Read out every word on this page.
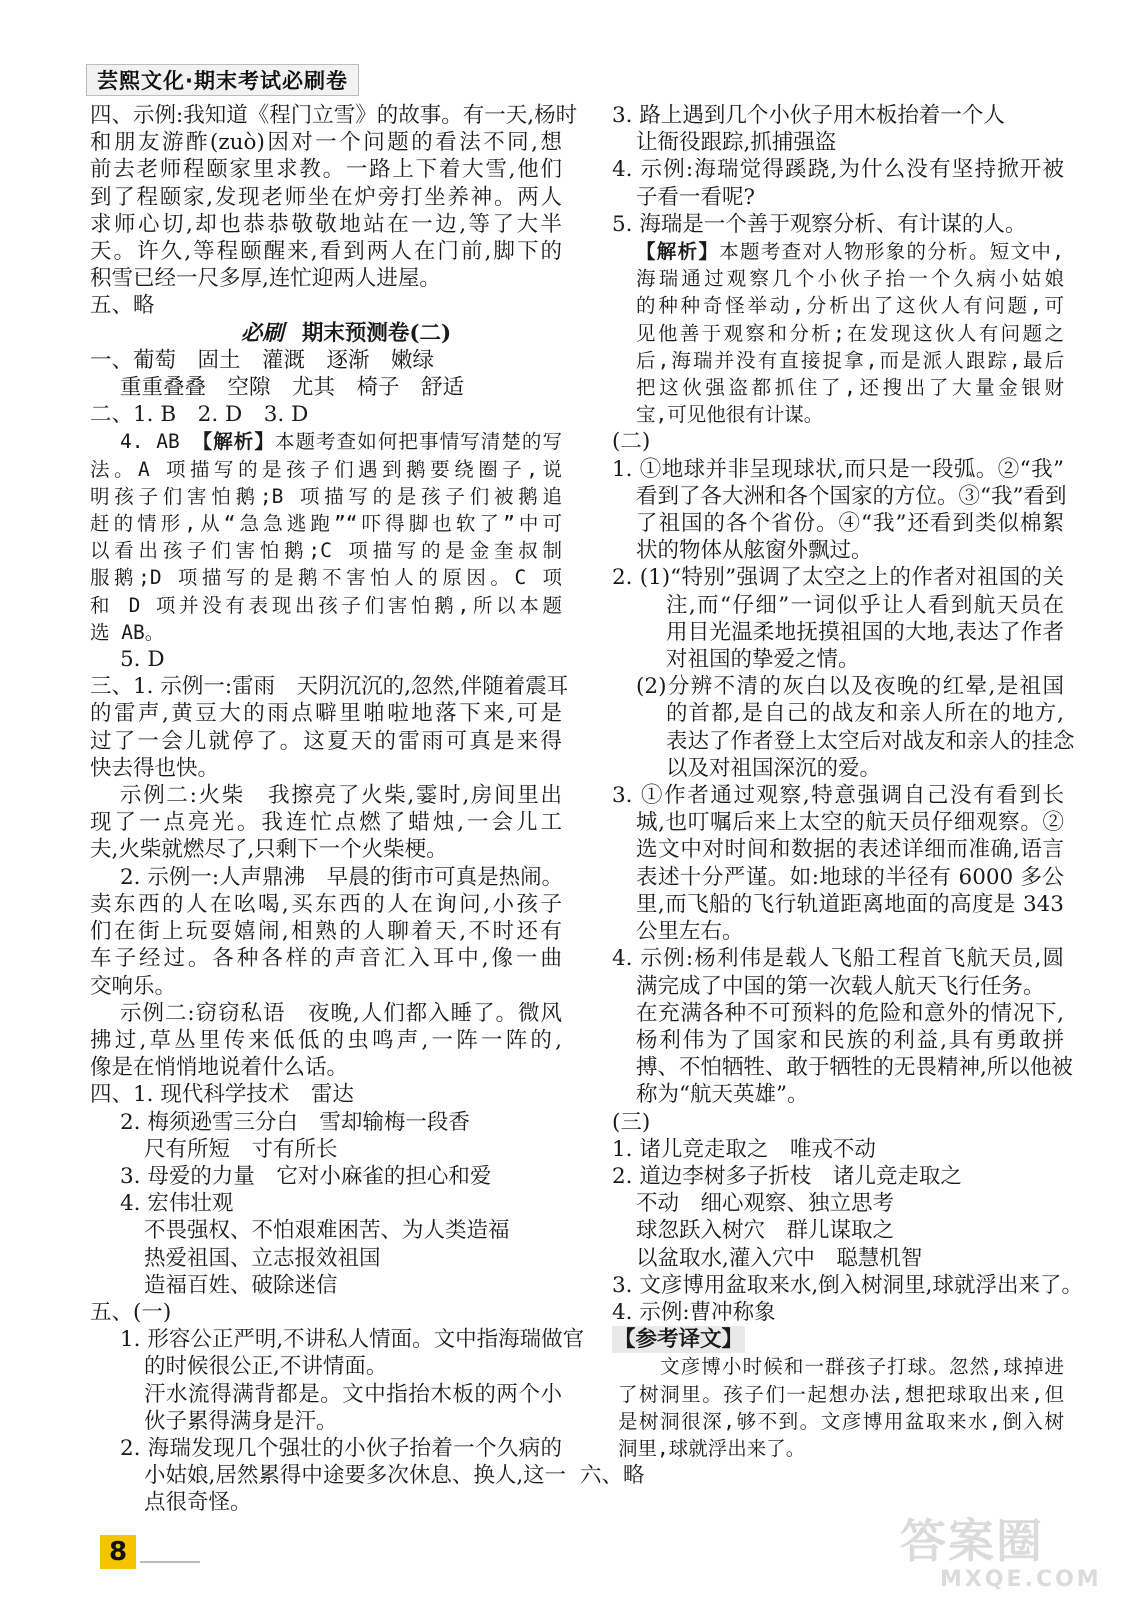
芸熙文化·期末考试必刷卷
四、示例:我知道《程门立雪》的故事。有一天,杨时
和朋友游酢(zuò)因对一个问题的看法不同,想
前去老师程颐家里求教。一路上下着大雪,他们
到了程颐家,发现老师坐在炉旁打坐养神。两人
求师心切,却也恭恭敬敬地站在一边,等了大半
天。许久,等程颐醒来,看到两人在门前,脚下的
积雪已经一尺多厚,连忙迎两人进屋。
五、略
必刷 期末预测卷(二)
一、葡萄　固土　灌溉　逐渐　嫩绿
重重叠叠　空隙　尤其　椅子　舒适
二、1. B　2. D　3. D
4. AB 【解析】本题考查如何把事情写清楚的写
法。A 项描写的是孩子们遇到鹅要绕圈子,说
明孩子们害怕鹅;B 项描写的是孩子们被鹅追
赶的情形,从“急急逃跑”“吓得脚也软了”中可
以看出孩子们害怕鹅;C 项描写的是金奎叔制
服鹅;D 项描写的是鹅不害怕人的原因。C 项
和 D 项并没有表现出孩子们害怕鹅,所以本题
选 AB。
5. D
三、1. 示例一:雷雨　天阴沉沉的,忽然,伴随着震耳
的雷声,黄豆大的雨点噼里啪啦地落下来,可是
过了一会儿就停了。这夏天的雷雨可真是来得
快去得也快。
示例二:火柴　我擦亮了火柴,霎时,房间里出
现了一点亮光。我连忙点燃了蜡烛,一会儿工
夫,火柴就燃尽了,只剩下一个火柴梗。
2. 示例一:人声鼎沸　早晨的街市可真是热闹。
卖东西的人在吆喝,买东西的人在询问,小孩子
们在街上玩耍嬉闹,相熟的人聊着天,不时还有
车子经过。各种各样的声音汇入耳中,像一曲
交响乐。
示例二:窃窃私语　夜晚,人们都入睡了。微风
拂过,草丛里传来低低的虫鸣声,一阵一阵的,
像是在悄悄地说着什么话。
四、1. 现代科学技术　雷达
2. 梅须逊雪三分白　雪却输梅一段香
尺有所短　寸有所长
3. 母爱的力量　它对小麻雀的担心和爱
4. 宏伟壮观
不畏强权、不怕艰难困苦、为人类造福
热爱祖国、立志报效祖国
造福百姓、破除迷信
五、(一)
1. 形容公正严明,不讲私人情面。文中指海瑞做官
的时候很公正,不讲情面。
汗水流得满背都是。文中指抬木板的两个小
伙子累得满身是汗。
2. 海瑞发现几个强壮的小伙子抬着一个久病的
小姑娘,居然累得中途要多次休息、换人,这一
点很奇怪。
3. 路上遇到几个小伙子用木板抬着一个人
让衙役跟踪,抓捕强盗
4. 示例:海瑞觉得蹊跷,为什么没有坚持掀开被
子看一看呢?
5. 海瑞是一个善于观察分析、有计谋的人。
【解析】本题考查对人物形象的分析。短文中,
海瑞通过观察几个小伙子抬一个久病小姑娘
的种种奇怪举动,分析出了这伙人有问题,可
见他善于观察和分析;在发现这伙人有问题之
后,海瑞并没有直接捉拿,而是派人跟踪,最后
把这伙强盗都抓住了,还搜出了大量金银财
宝,可见他很有计谋。
(二)
1. ①地球并非呈现球状,而只是一段弧。②“我”
看到了各大洲和各个国家的方位。③“我”看到
了祖国的各个省份。④“我”还看到类似棉絮
状的物体从舷窗外飘过。
2. (1)“特别”强调了太空之上的作者对祖国的关
注,而“仔细”一词似乎让人看到航天员在
用目光温柔地抚摸祖国的大地,表达了作者
对祖国的挚爱之情。
(2)分辨不清的灰白以及夜晚的红晕,是祖国
的首都,是自己的战友和亲人所在的地方,
表达了作者登上太空后对战友和亲人的挂念
以及对祖国深沉的爱。
3. ①作者通过观察,特意强调自己没有看到长
城,也叮嘱后来上太空的航天员仔细观察。②
选文中对时间和数据的表述详细而准确,语言
表述十分严谨。如:地球的半径有 6000 多公
里,而飞船的飞行轨道距离地面的高度是 343
公里左右。
4. 示例:杨利伟是载人飞船工程首飞航天员,圆
满完成了中国的第一次载人航天飞行任务。
在充满各种不可预料的危险和意外的情况下,
杨利伟为了国家和民族的利益,具有勇敢拼
搏、不怕牺牲、敢于牺牲的无畏精神,所以他被
称为“航天英雄”。
(三)
1. 诸儿竞走取之　唯戎不动
2. 道边李树多子折枝　诸儿竞走取之
不动　细心观察、独立思考
球忽跃入树穴　群儿谋取之
以盆取水,灌入穴中　聪慧机智
3. 文彦博用盆取来水,倒入树洞里,球就浮出来了。
4. 示例:曹冲称象
【参考译文】
文彦博小时候和一群孩子打球。忽然,球掉进
了树洞里。孩子们一起想办法,想把球取出来,但
是树洞很深,够不到。文彦博用盆取来水,倒入树
洞里,球就浮出来了。
六、略
8	答案圈
MXQE.COM
